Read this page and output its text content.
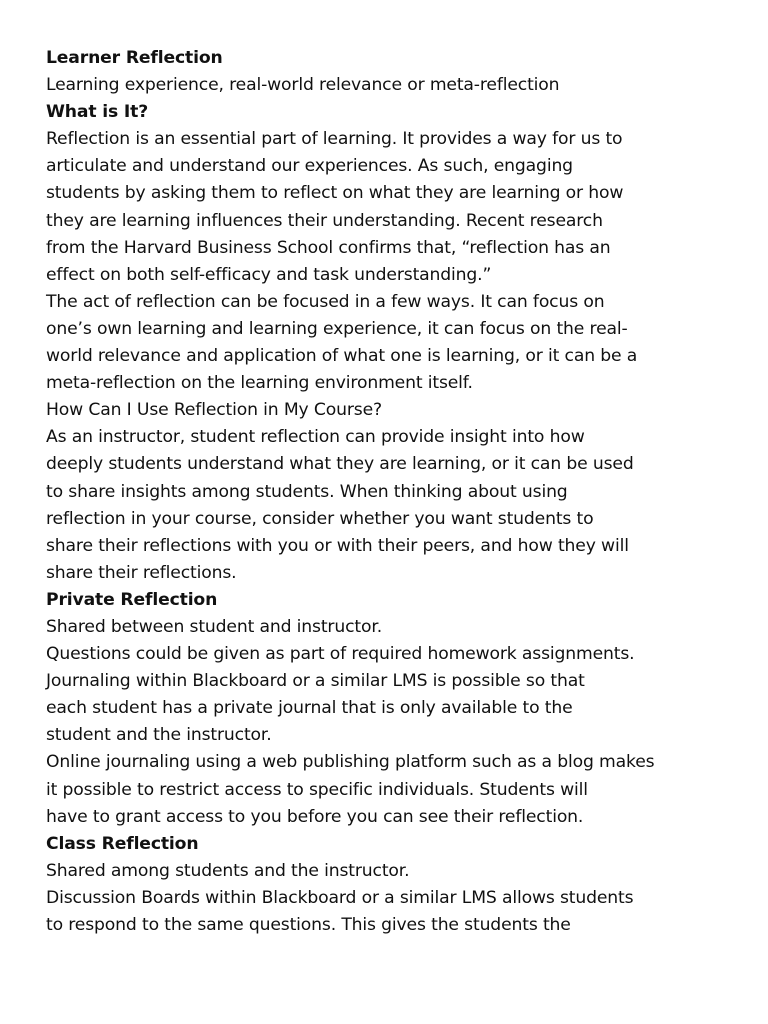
Learner Reflection
Learning experience, real-world relevance or meta-reflection
What is It?
Reflection is an essential part of learning. It provides a way for us to
articulate and understand our experiences. As such, engaging
students by asking them to reflect on what they are learning or how
they are learning influences their understanding. Recent research
from the Harvard Business School confirms that, “reflection has an
effect on both self-efficacy and task understanding.”
The act of reflection can be focused in a few ways. It can focus on
one’s own learning and learning experience, it can focus on the real-
world relevance and application of what one is learning, or it can be a
meta-reflection on the learning environment itself.
How Can I Use Reflection in My Course?
As an instructor, student reflection can provide insight into how
deeply students understand what they are learning, or it can be used
to share insights among students. When thinking about using
reflection in your course, consider whether you want students to
share their reflections with you or with their peers, and how they will
share their reflections.
Private Reflection
Shared between student and instructor.
Questions could be given as part of required homework assignments.
Journaling within Blackboard or a similar LMS is possible so that
each student has a private journal that is only available to the
student and the instructor.
Online journaling using a web publishing platform such as a blog makes
it possible to restrict access to specific individuals. Students will
have to grant access to you before you can see their reflection.
Class Reflection
Shared among students and the instructor.
Discussion Boards within Blackboard or a similar LMS allows students
to respond to the same questions. This gives the students the
